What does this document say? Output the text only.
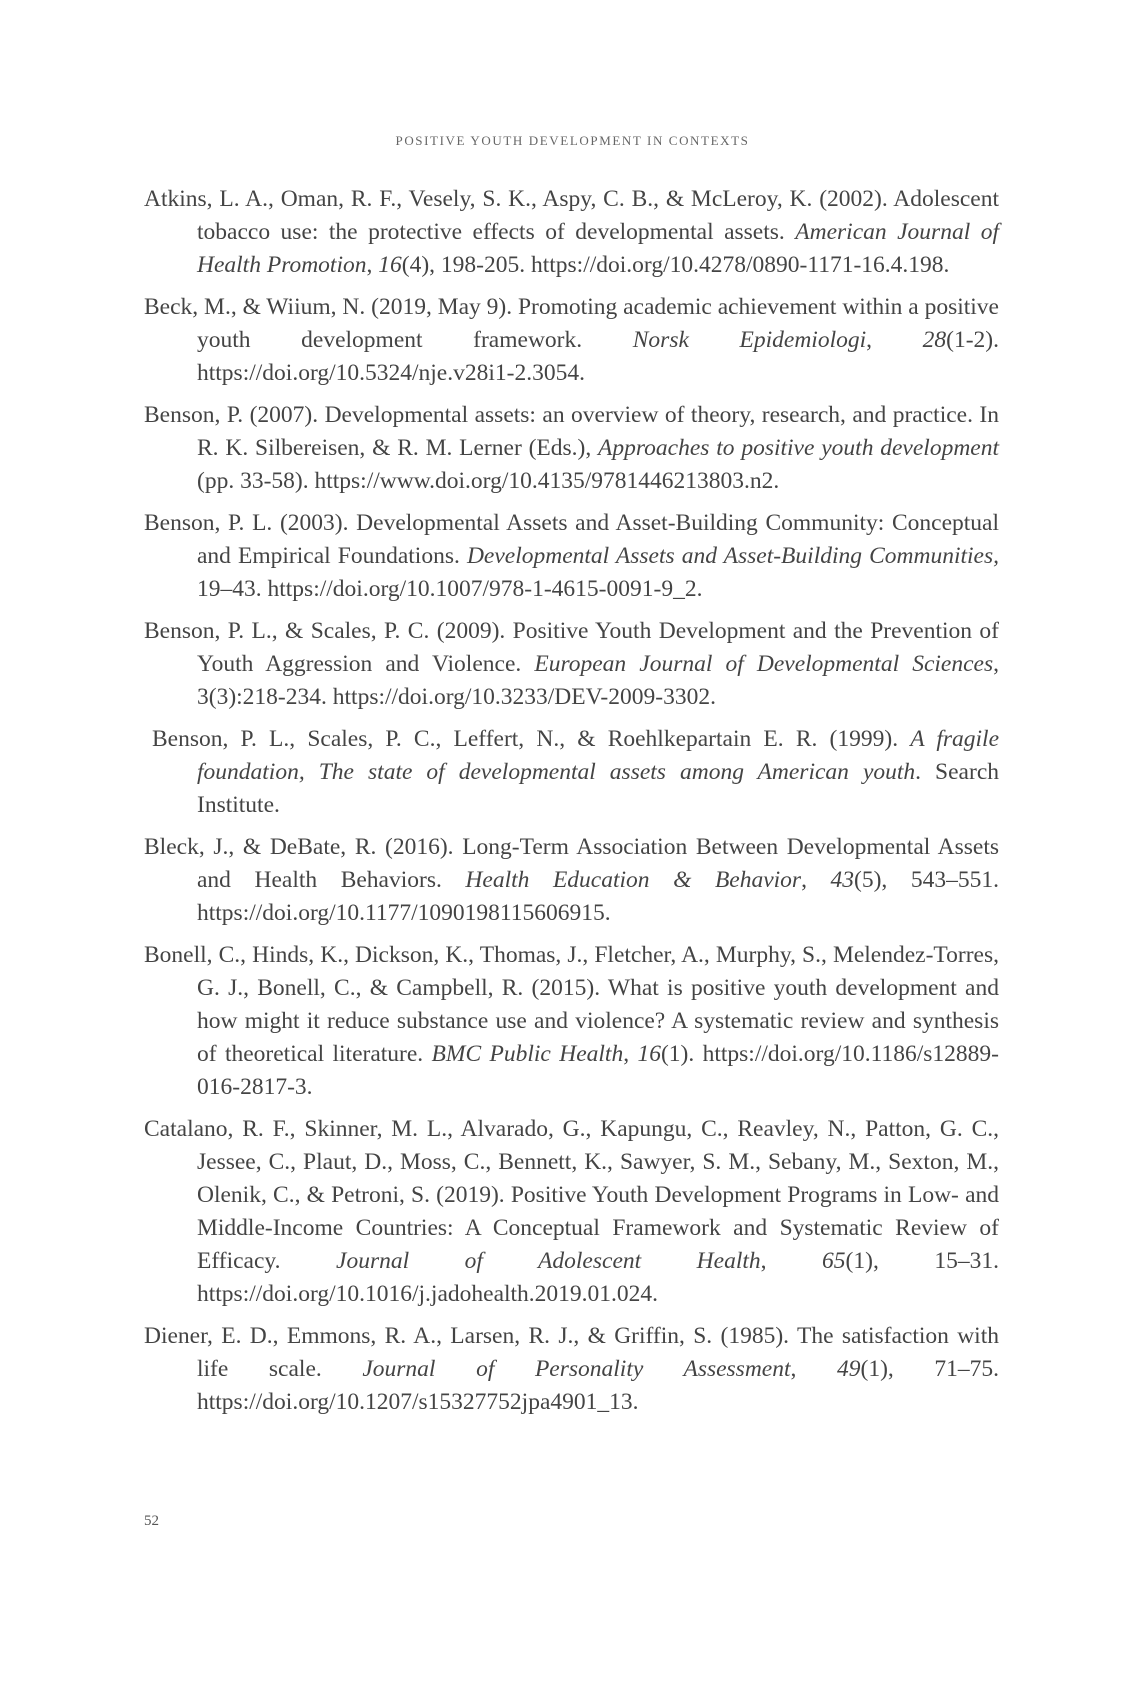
POSITIVE YOUTH DEVELOPMENT IN CONTEXTS

Atkins, L. A., Oman, R. F., Vesely, S. K., Aspy, C. B., & McLeroy, K. (2002). Adolescent tobacco use: the protective effects of developmental assets. American Journal of Health Promotion, 16(4), 198-205. https://doi.org/10.4278/0890-1171-16.4.198.

Beck, M., & Wiium, N. (2019, May 9). Promoting academic achievement within a positive youth development framework. Norsk Epidemiologi, 28(1-2). https://doi.org/10.5324/nje.v28i1-2.3054.

Benson, P. (2007). Developmental assets: an overview of theory, research, and practice. In R. K. Silbereisen, & R. M. Lerner (Eds.), Approaches to positive youth development (pp. 33-58). https://www.doi.org/10.4135/9781446213803.n2.

Benson, P. L. (2003). Developmental Assets and Asset-Building Community: Conceptual and Empirical Foundations. Developmental Assets and Asset-Building Communities, 19–43. https://doi.org/10.1007/978-1-4615-0091-9_2.

Benson, P. L., & Scales, P. C. (2009). Positive Youth Development and the Prevention of Youth Aggression and Violence. European Journal of Developmental Sciences, 3(3):218-234. https://doi.org/10.3233/DEV-2009-3302.

Benson, P. L., Scales, P. C., Leffert, N., & Roehlkepartain E. R. (1999). A fragile foundation, The state of developmental assets among American youth. Search Institute.

Bleck, J., & DeBate, R. (2016). Long-Term Association Between Developmental Assets and Health Behaviors. Health Education & Behavior, 43(5), 543–551. https://doi.org/10.1177/1090198115606915.

Bonell, C., Hinds, K., Dickson, K., Thomas, J., Fletcher, A., Murphy, S., Melendez-Torres, G. J., Bonell, C., & Campbell, R. (2015). What is positive youth development and how might it reduce substance use and violence? A systematic review and synthesis of theoretical literature. BMC Public Health, 16(1). https://doi.org/10.1186/s12889-016-2817-3.

Catalano, R. F., Skinner, M. L., Alvarado, G., Kapungu, C., Reavley, N., Patton, G. C., Jessee, C., Plaut, D., Moss, C., Bennett, K., Sawyer, S. M., Sebany, M., Sexton, M., Olenik, C., & Petroni, S. (2019). Positive Youth Development Programs in Low- and Middle-Income Countries: A Conceptual Framework and Systematic Review of Efficacy. Journal of Adolescent Health, 65(1), 15–31. https://doi.org/10.1016/j.jadohealth.2019.01.024.

Diener, E. D., Emmons, R. A., Larsen, R. J., & Griffin, S. (1985). The satisfaction with life scale. Journal of Personality Assessment, 49(1), 71–75. https://doi.org/10.1207/s15327752jpa4901_13.

52
